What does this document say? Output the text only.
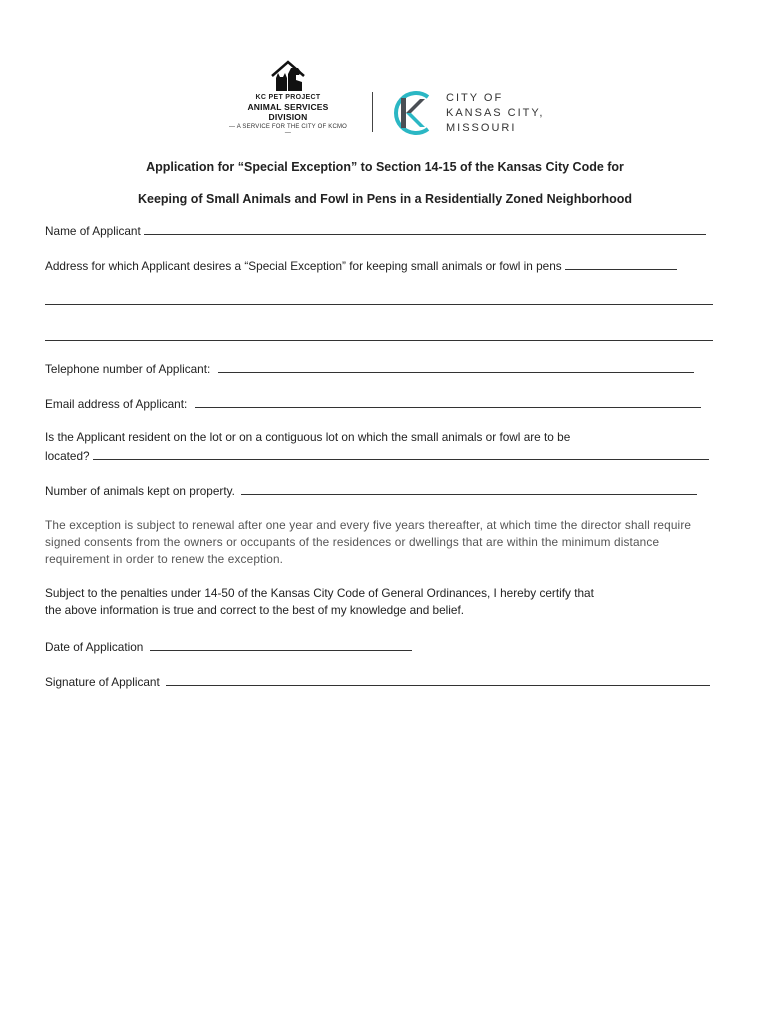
KC PET PROJECT
ANIMAL SERVICES DIVISION
— A SERVICE FOR THE CITY OF KCMO —
CITY OF
KANSAS CITY,
MISSOURI
Application for “Special Exception” to Section 14-15 of the Kansas City Code for
Keeping of Small Animals and Fowl in Pens in a Residentially Zoned Neighborhood
Name of Applicant
Address for which Applicant desires a “Special Exception” for keeping small animals or fowl in pens
Telephone number of Applicant:
Email address of Applicant:
Is the Applicant resident on the lot or on a contiguous lot on which the small animals or fowl are to be
located?
Number of animals kept on property.
The exception is subject to renewal after one year and every five years thereafter, at which time the director shall require signed consents from the owners or occupants of the residences or dwellings that are within the minimum distance requirement in order to renew the exception.
Subject to the penalties under 14-50 of the Kansas City Code of General Ordinances, I hereby certify that
the above information is true and correct to the best of my knowledge and belief.
Date of Application
Signature of Applicant
